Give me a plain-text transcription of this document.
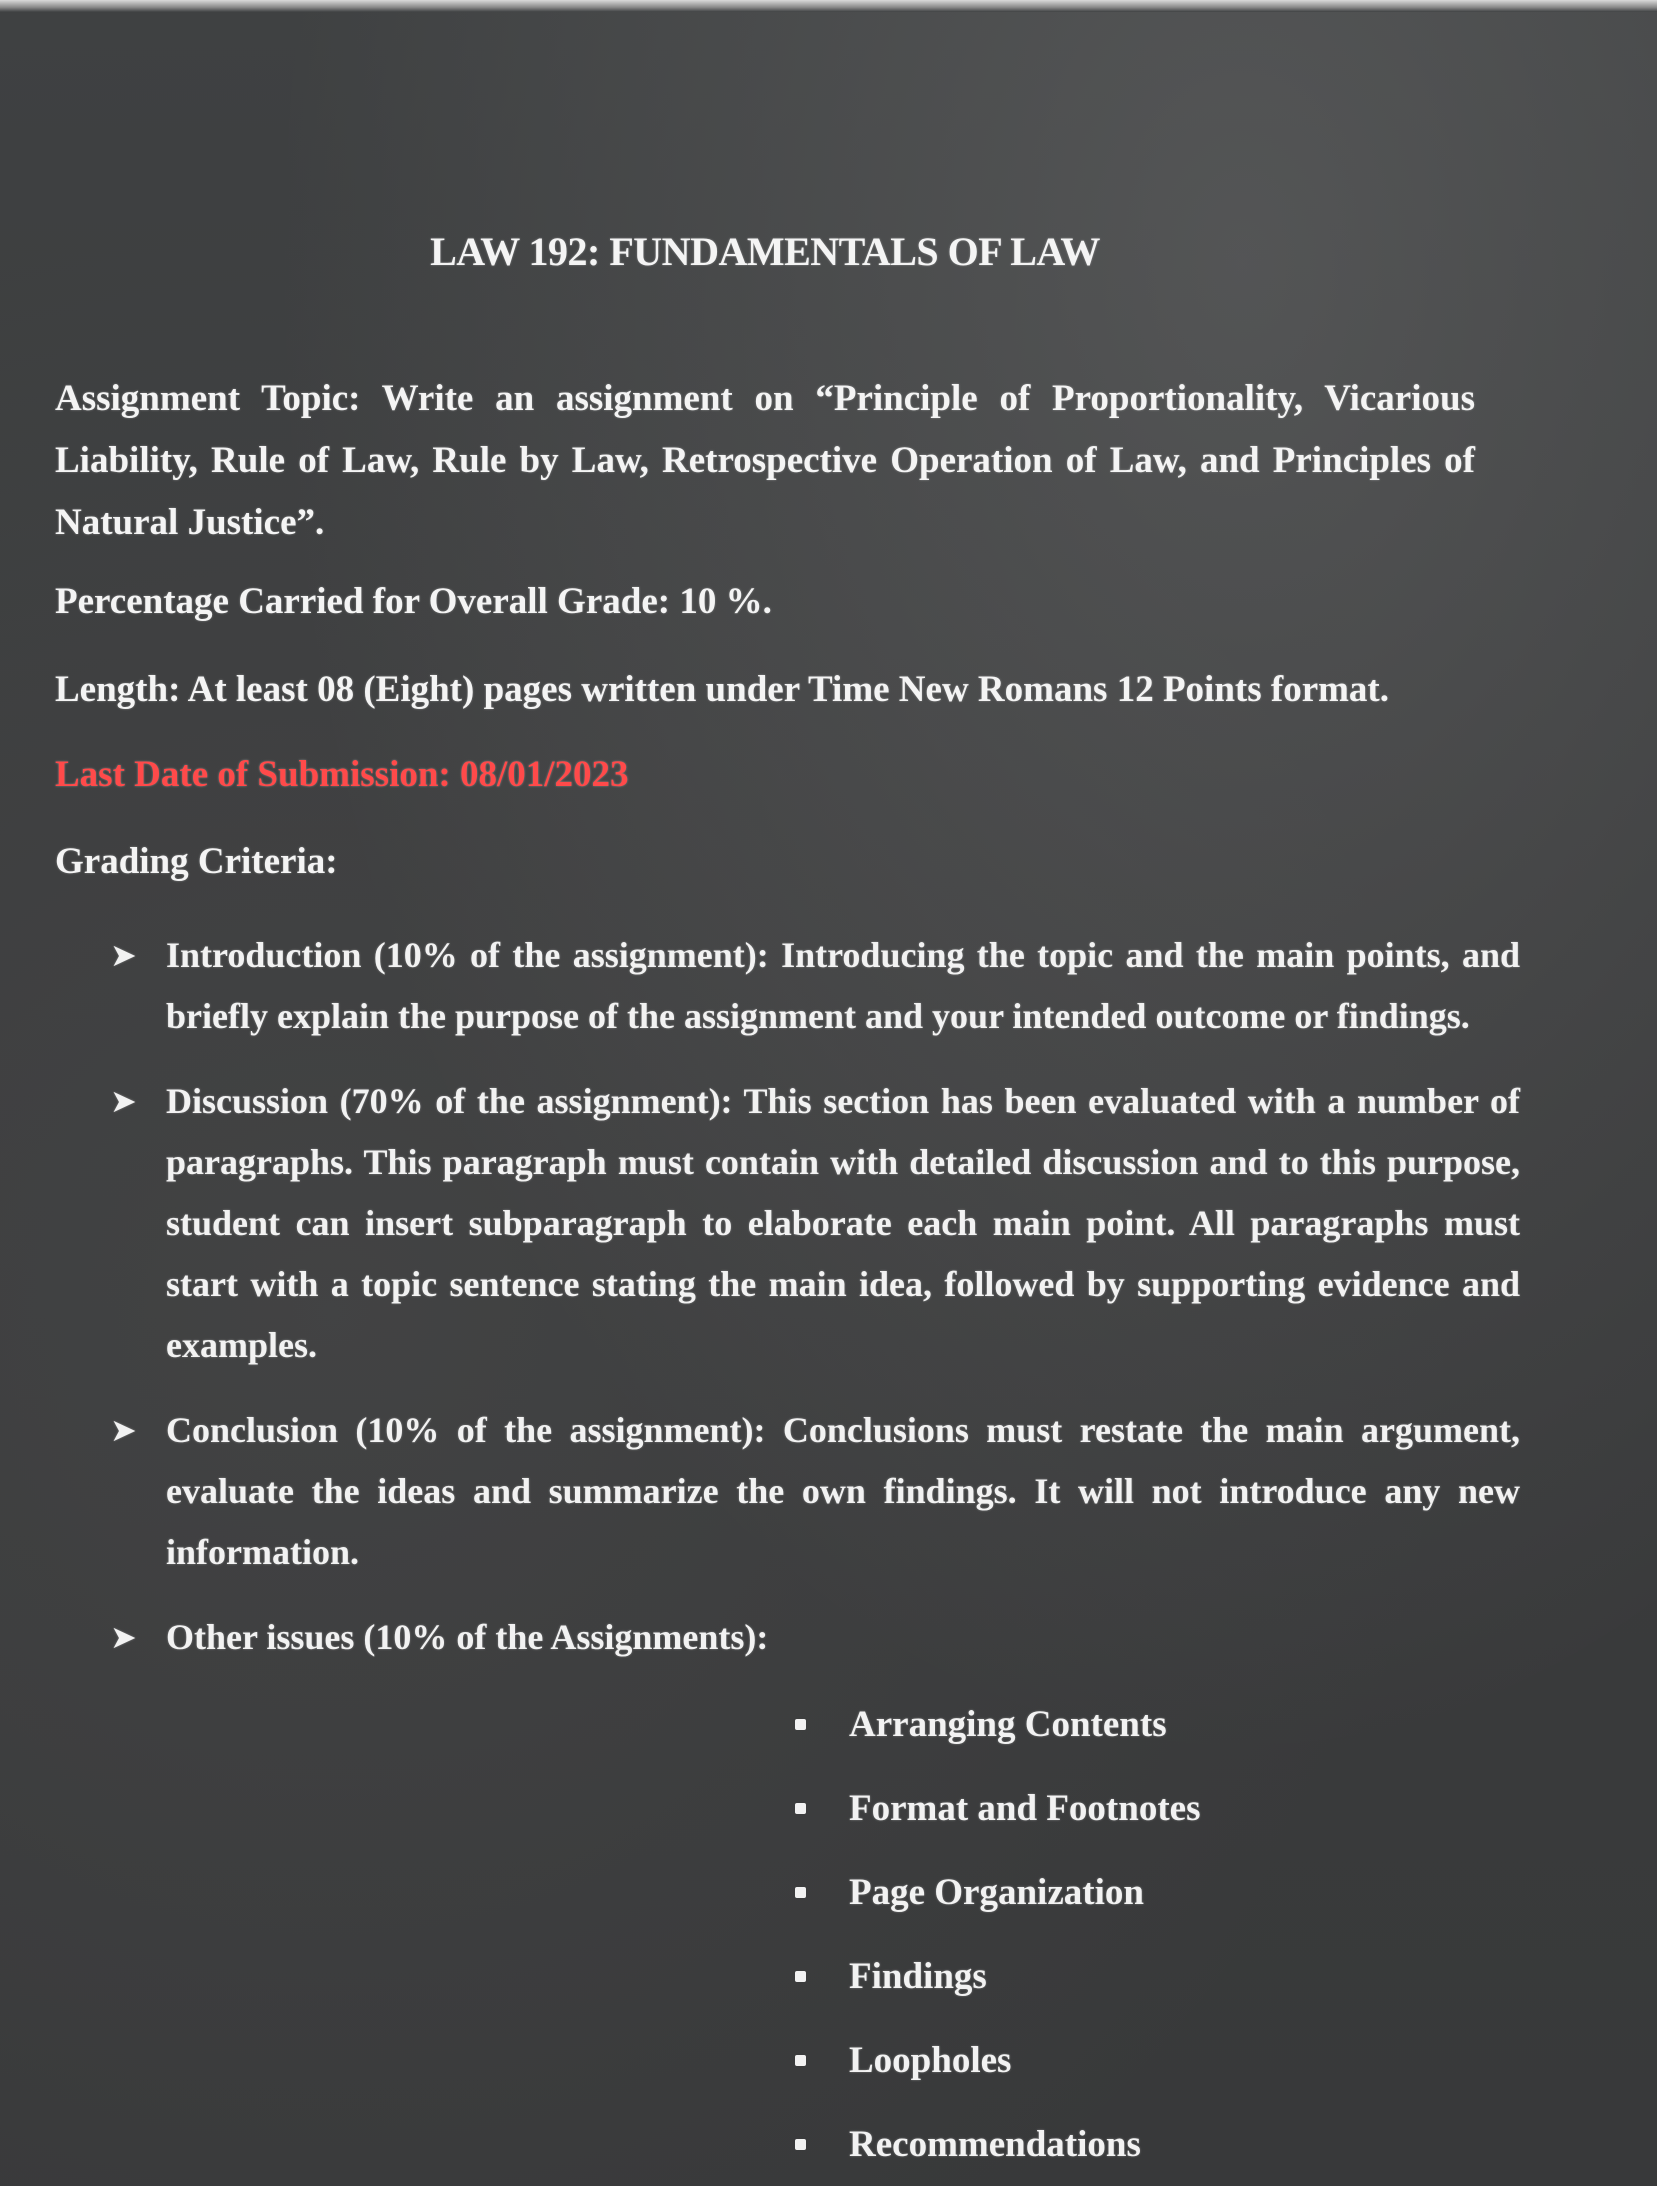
LAW 192: FUNDAMENTALS OF LAW
Assignment Topic: Write an assignment on “Principle of Proportionality, Vicarious Liability, Rule of Law, Rule by Law, Retrospective Operation of Law, and Principles of Natural Justice”.
Percentage Carried for Overall Grade: 10 %.
Length: At least 08 (Eight) pages written under Time New Romans 12 Points format.
Last Date of Submission: 08/01/2023
Grading Criteria:
➤ Introduction (10% of the assignment): Introducing the topic and the main points, and briefly explain the purpose of the assignment and your intended outcome or findings.
➤ Discussion (70% of the assignment): This section has been evaluated with a number of paragraphs. This paragraph must contain with detailed discussion and to this purpose, student can insert subparagraph to elaborate each main point. All paragraphs must start with a topic sentence stating the main idea, followed by supporting evidence and examples.
➤ Conclusion (10% of the assignment): Conclusions must restate the main argument, evaluate the ideas and summarize the own findings. It will not introduce any new information.
➤ Other issues (10% of the Assignments):
Arranging Contents
Format and Footnotes
Page Organization
Findings
Loopholes
Recommendations
